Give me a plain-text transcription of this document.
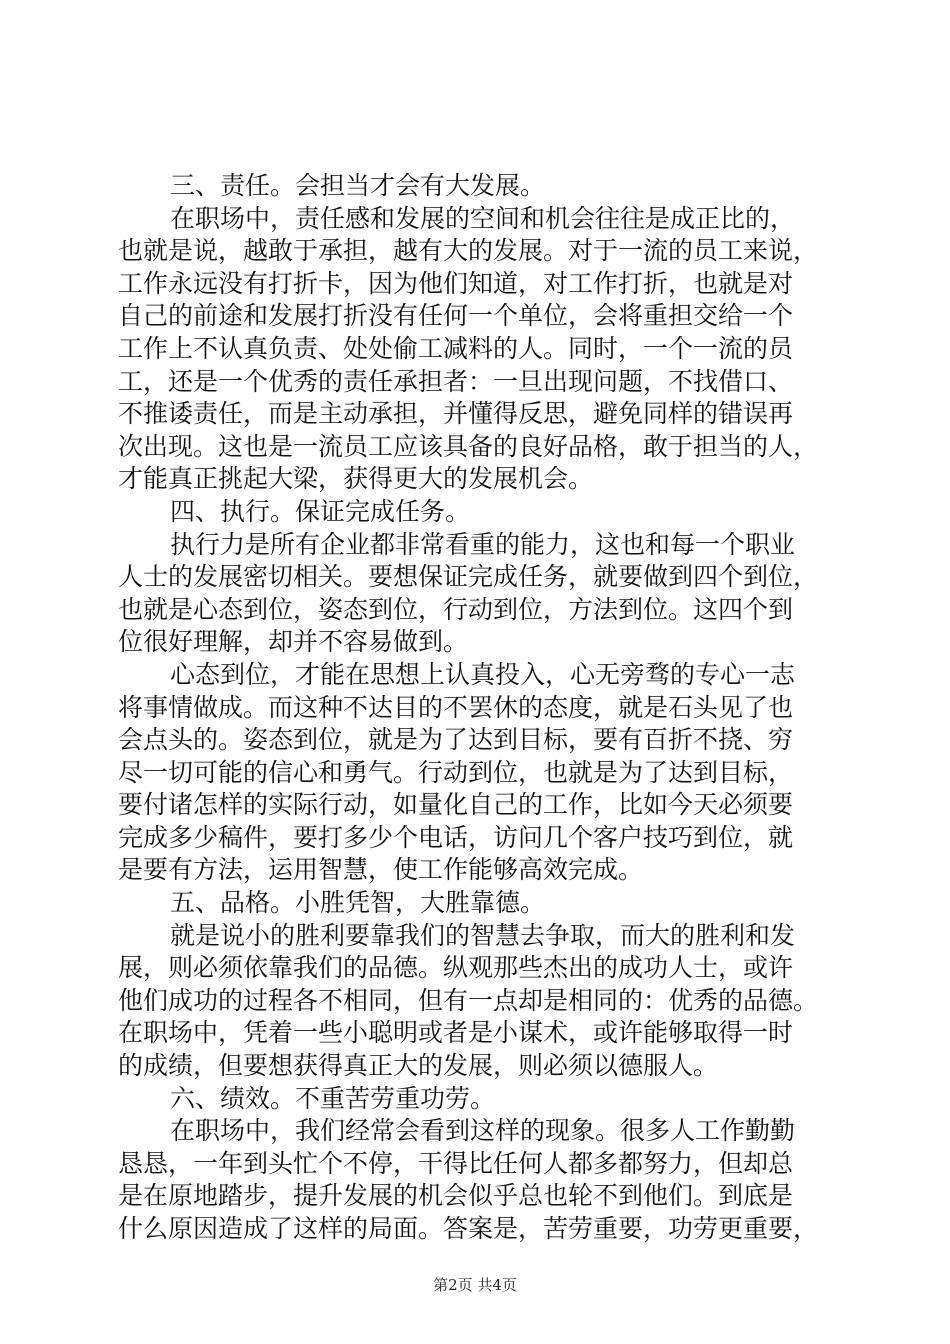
三、责任。会担当才会有大发展。
在职场中，责任感和发展的空间和机会往往是成正比的，
也就是说，越敢于承担，越有大的发展。对于一流的员工来说，
工作永远没有打折卡，因为他们知道，对工作打折，也就是对
自己的前途和发展打折没有任何一个单位，会将重担交给一个
工作上不认真负责、处处偷工减料的人。同时，一个一流的员
工，还是一个优秀的责任承担者：一旦出现问题，不找借口、
不推诿责任，而是主动承担，并懂得反思，避免同样的错误再
次出现。这也是一流员工应该具备的良好品格，敢于担当的人，
才能真正挑起大梁，获得更大的发展机会。
四、执行。保证完成任务。
执行力是所有企业都非常看重的能力，这也和每一个职业
人士的发展密切相关。要想保证完成任务，就要做到四个到位，
也就是心态到位，姿态到位，行动到位，方法到位。这四个到
位很好理解，却并不容易做到。
心态到位，才能在思想上认真投入，心无旁骛的专心一志
将事情做成。而这种不达目的不罢休的态度，就是石头见了也
会点头的。姿态到位，就是为了达到目标，要有百折不挠、穷
尽一切可能的信心和勇气。行动到位，也就是为了达到目标，
要付诸怎样的实际行动，如量化自己的工作，比如今天必须要
完成多少稿件，要打多少个电话，访问几个客户技巧到位，就
是要有方法，运用智慧，使工作能够高效完成。
五、品格。小胜凭智，大胜靠德。
就是说小的胜利要靠我们的智慧去争取，而大的胜利和发
展，则必须依靠我们的品德。纵观那些杰出的成功人士，或许
他们成功的过程各不相同，但有一点却是相同的：优秀的品德。
在职场中，凭着一些小聪明或者是小谋术，或许能够取得一时
的成绩，但要想获得真正大的发展，则必须以德服人。
六、绩效。不重苦劳重功劳。
在职场中，我们经常会看到这样的现象。很多人工作勤勤
恳恳，一年到头忙个不停，干得比任何人都多都努力，但却总
是在原地踏步，提升发展的机会似乎总也轮不到他们。到底是
什么原因造成了这样的局面。答案是，苦劳重要，功劳更重要，
第2页 共4页
